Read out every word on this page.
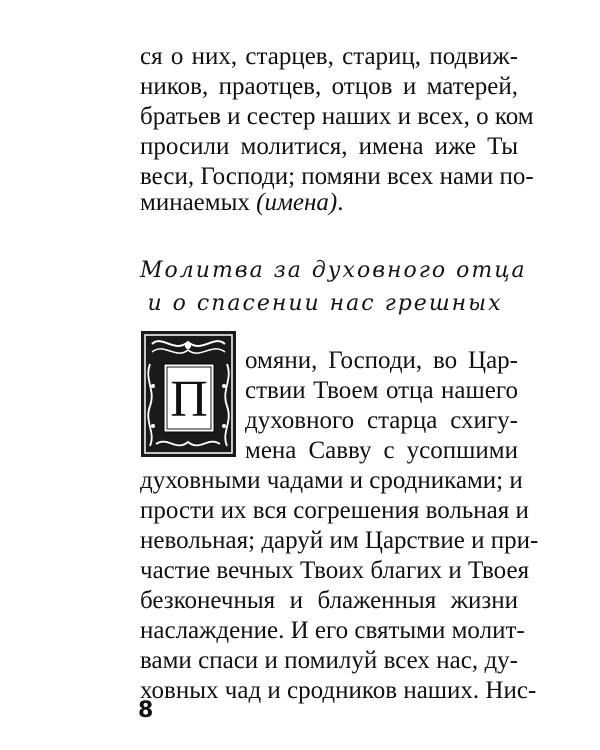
ся о них, старцев, стариц, подвиж-
ников, праотцев, отцов и матерей,
братьев и сестер наших и всех, о ком
просили молитися, имена иже Ты
веси, Господи; помяни всех нами по-
минаемых (имена).
Молитва за духовного отца
и о спасении нас грешных
П
омяни, Господи, во Цар-
ствии Твоем отца нашего
духовного старца схигу-
мена Савву с усопшими
духовными чадами и сродниками; и
прости их вся согрешения вольная и
невольная; даруй им Царствие и при-
частие вечных Твоих благих и Твоея
безконечныя и блаженныя жизни
наслаждение. И его святыми молит-
вами спаси и помилуй всех нас, ду-
ховных чад и сродников наших. Нис-
8
